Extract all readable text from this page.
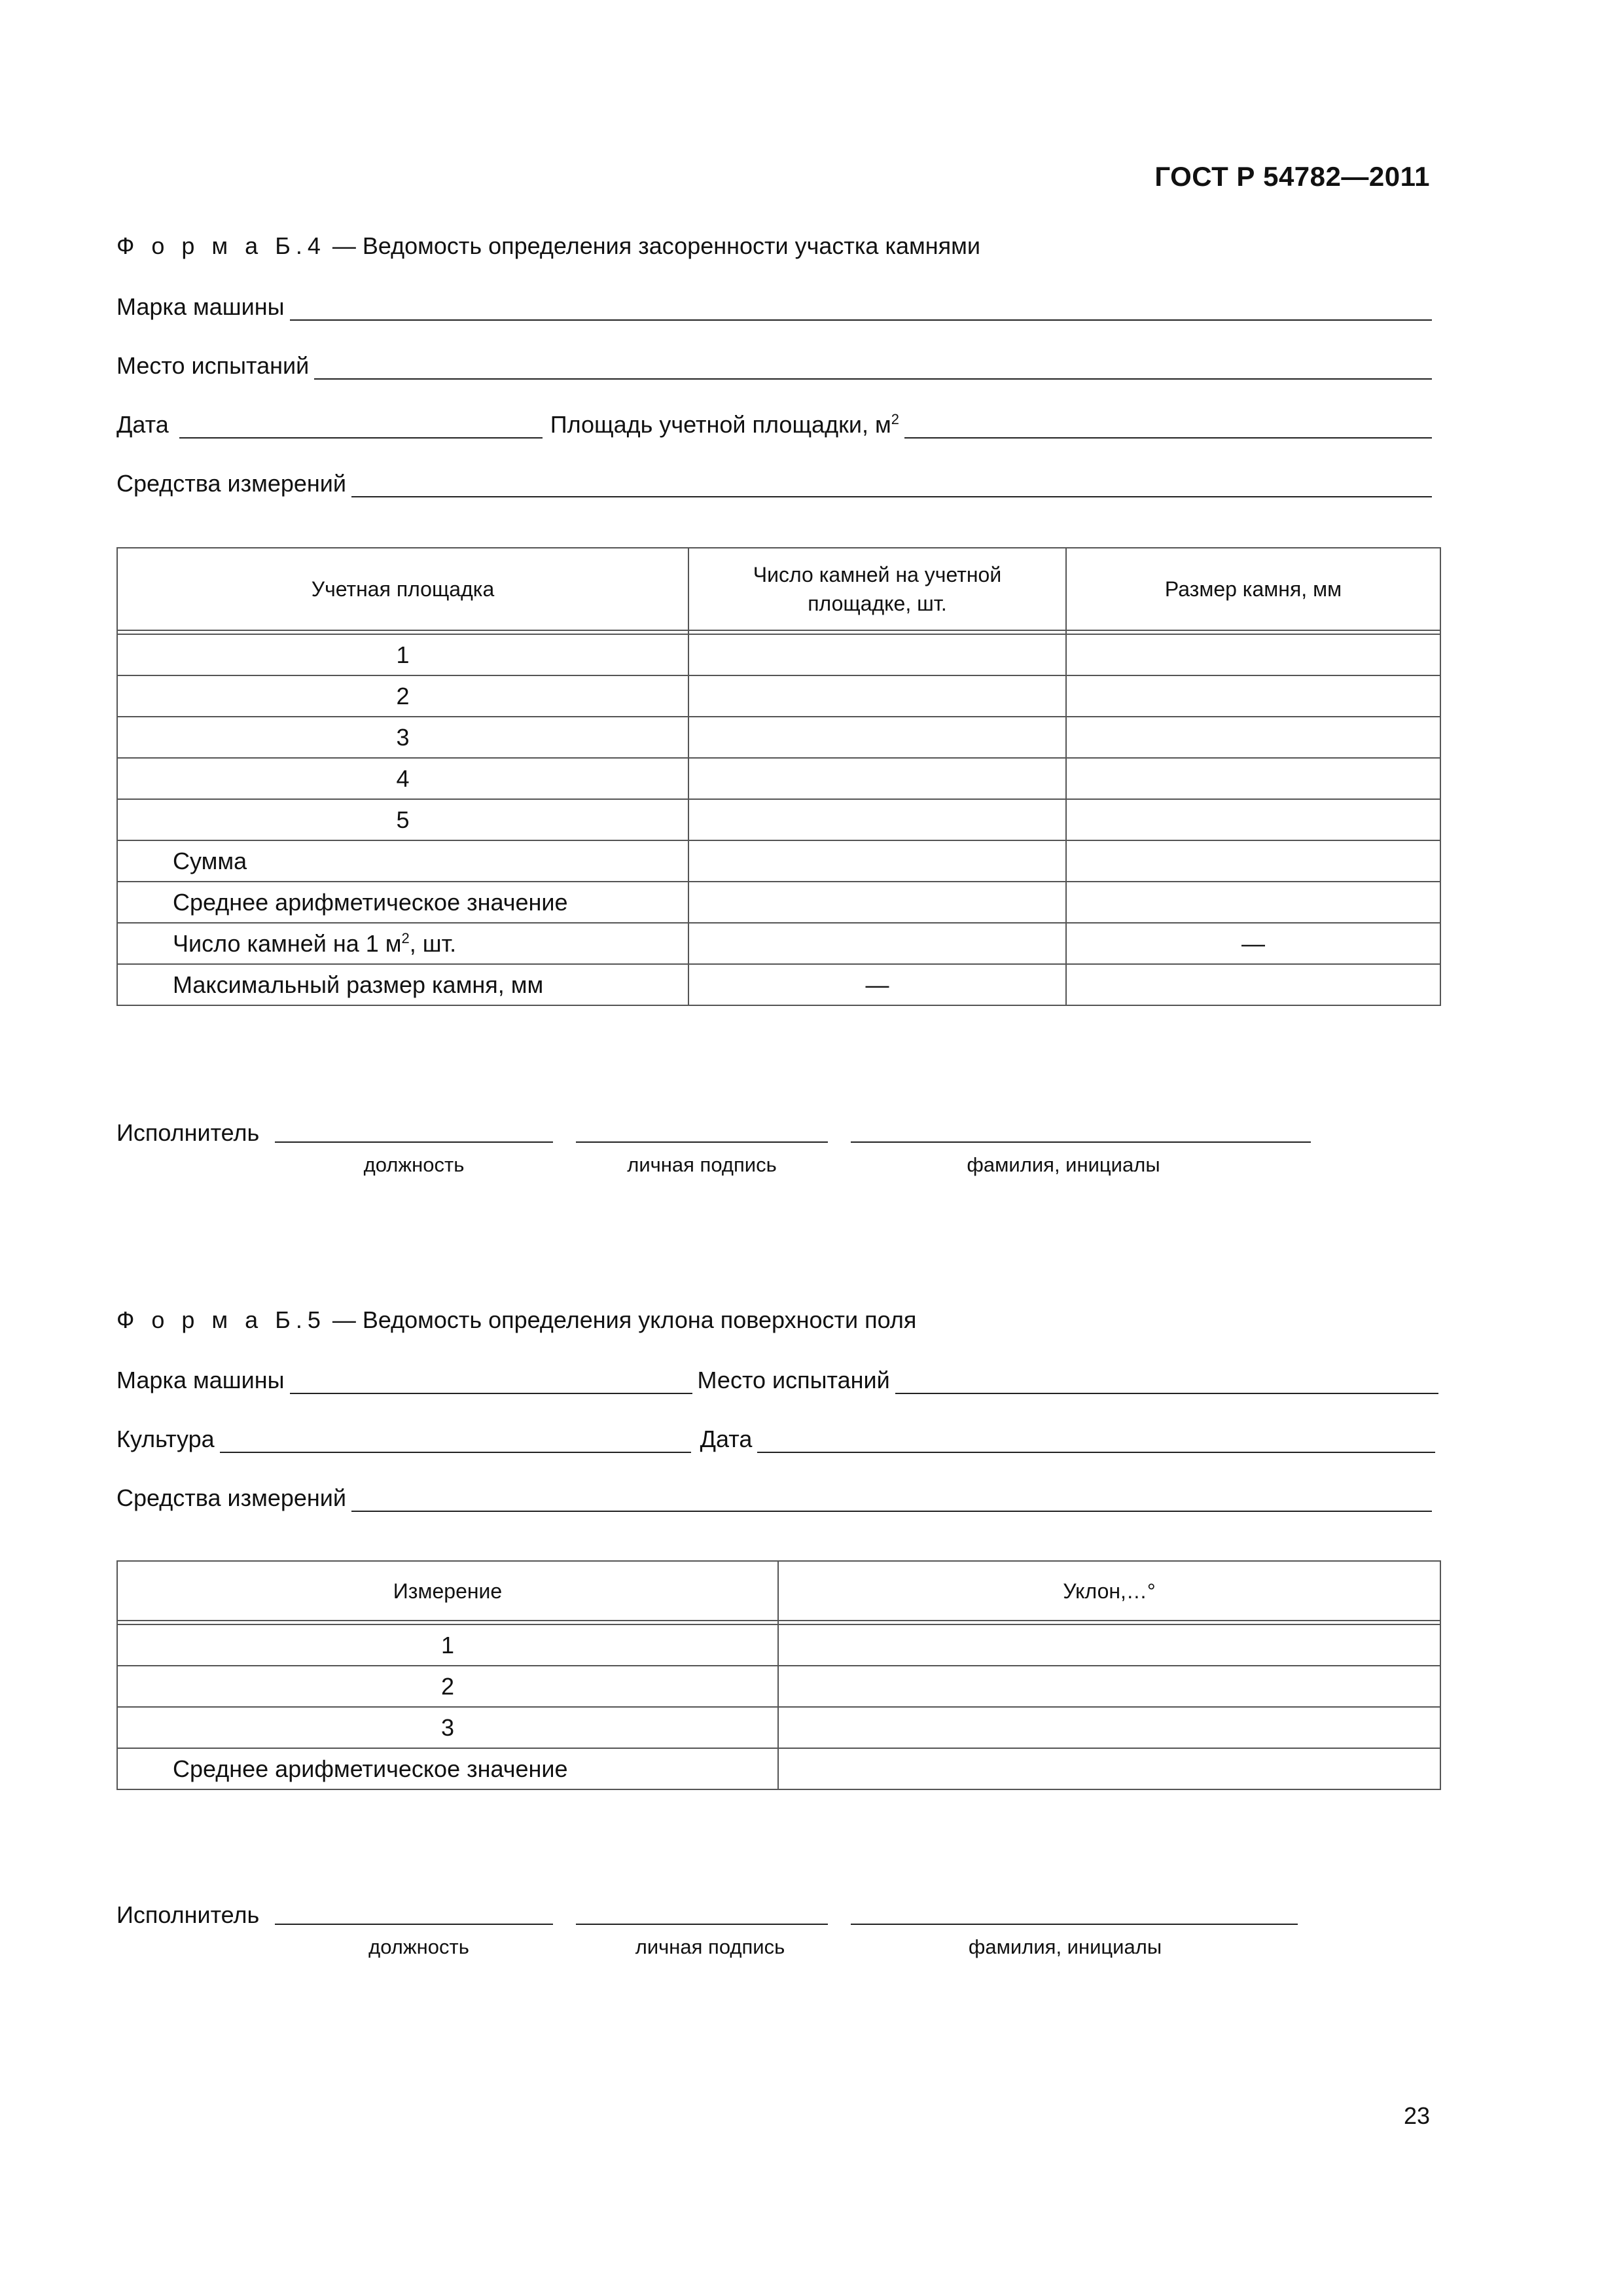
ГОСТ Р 54782—2011
Ф о р м а Б.4 — Ведомость определения засоренности участка камнями
Марка машины
Место испытаний
Дата	Площадь учетной площадки, $м^2$
Средства измерений
Учетная площадка	Число камней на учетной площадке, шт.	Размер камня, мм

1		
2		
3		
4		
5		
Сумма		
Среднее арифметическое значение		
Число камней на 1 $м^2$, шт.		—
Максимальный размер камня, мм	—	
Исполнитель
должность	личная подпись	фамилия, инициалы
Ф о р м а Б.5 — Ведомость определения уклона поверхности поля
Марка машины	Место испытаний
Культура	Дата
Средства измерений
Измерение	Уклон,…°

1	
2	
3	
Среднее арифметическое значение	
Исполнитель
должность	личная подпись	фамилия, инициалы
23
